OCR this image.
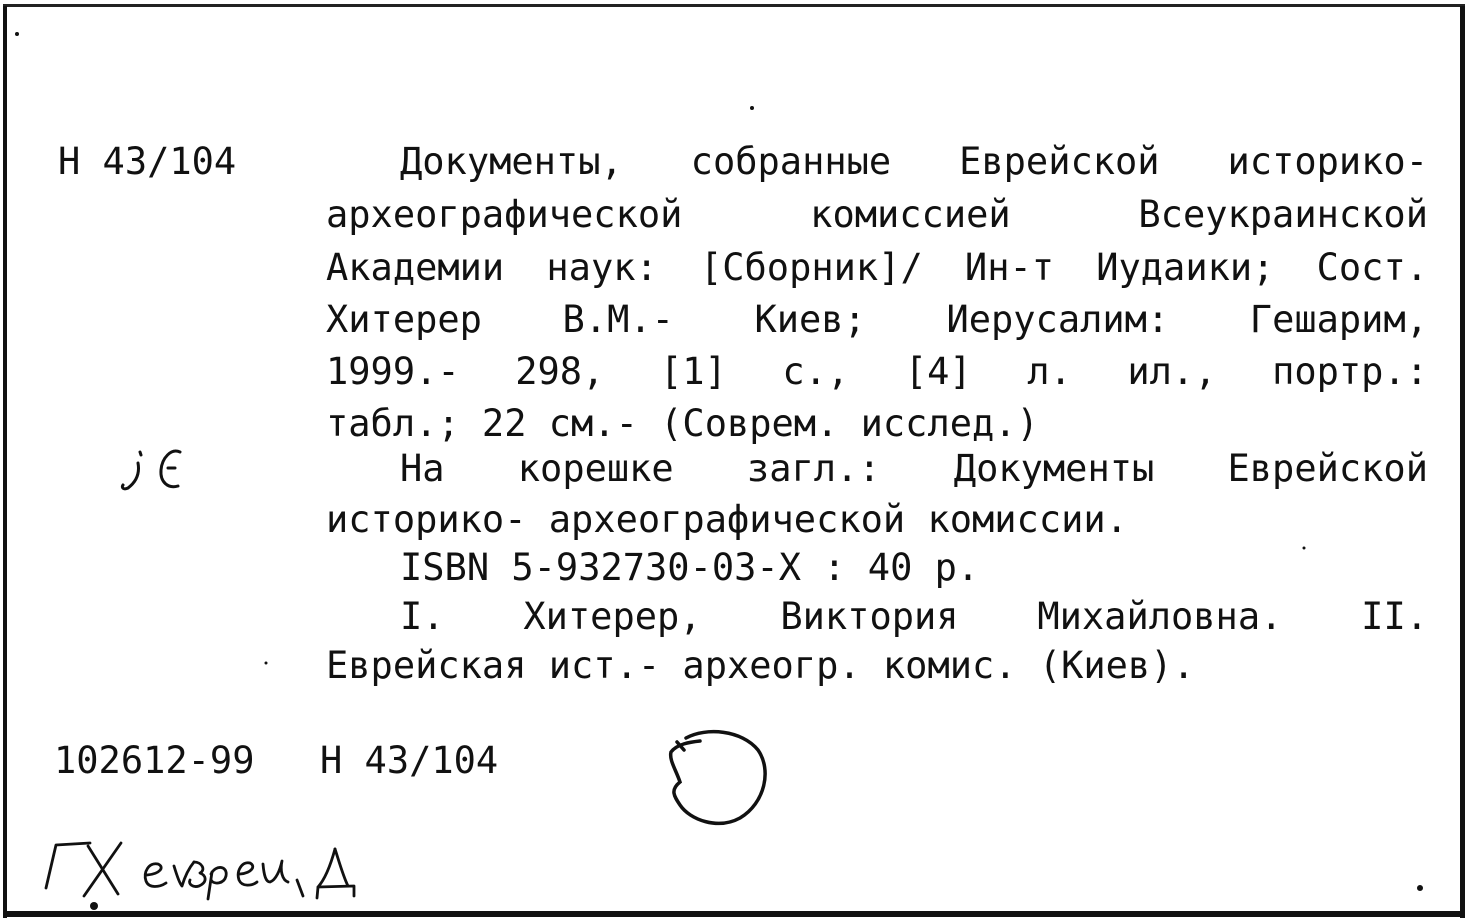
Н 43/104	Документы, собранные Еврейской историко-
археографической комиссией Всеукраинской
Академии наук: [Сборник]/ Ин-т Иудаики; Сост.
Хитерер В.М.- Киев; Иерусалим: Гешарим,
1999.- 298, [1] с., [4] л. ил., портр.:
табл.; 22 см.- (Соврем. исслед.)
На корешке загл.: Документы Еврейской
историко- археографической комиссии.
ISBN 5-932730-03-X : 40 р.
I. Хитерер, Виктория Михайловна. II.
Еврейская ист.- археогр. комис. (Киев).
102612-99 Н 43/104
